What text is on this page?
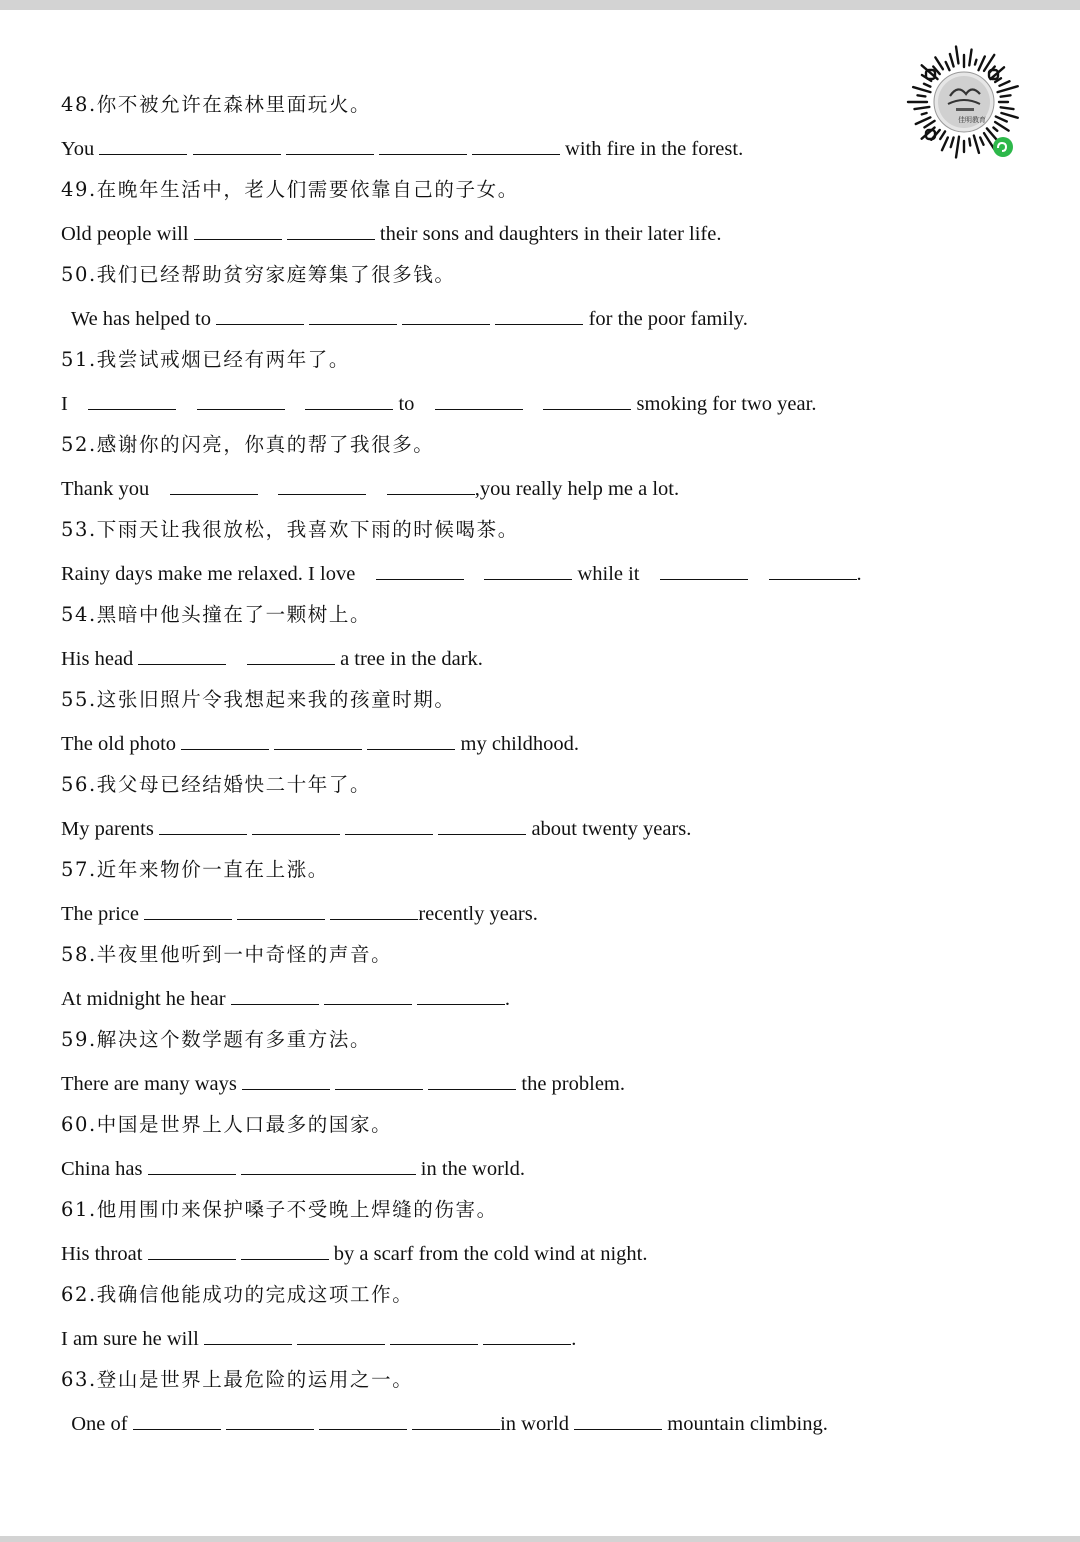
48.你不被允许在森林里面玩火。
You	with fire in the forest.
49.在晚年生活中，老人们需要依靠自己的子女。
Old people will	their sons and daughters in their later life.
50.我们已经帮助贫穷家庭筹集了很多钱。
We has helped to	for the poor family.
51.我尝试戒烟已经有两年了。
I	to	smoking for two year.
52.感谢你的闪亮，你真的帮了我很多。
Thank you	,you really help me a lot.
53.下雨天让我很放松，我喜欢下雨的时候喝茶。
Rainy days make me relaxed. I love	while it	.
54.黑暗中他头撞在了一颗树上。
His head	a tree in the dark.
55.这张旧照片令我想起来我的孩童时期。
The old photo	my childhood.
56.我父母已经结婚快二十年了。
My parents	about twenty years.
57.近年来物价一直在上涨。
The price	recently years.
58.半夜里他听到一中奇怪的声音。
At midnight he hear	.
59.解决这个数学题有多重方法。
There are many ways	the problem.
60.中国是世界上人口最多的国家。
China has	in the world.
61.他用围巾来保护嗓子不受晚上焊缝的伤害。
His throat	by a scarf from the cold wind at night.
62.我确信他能成功的完成这项工作。
I am sure he will	.
63.登山是世界上最危险的运用之一。
One of	in world	mountain climbing.
佳明教育
